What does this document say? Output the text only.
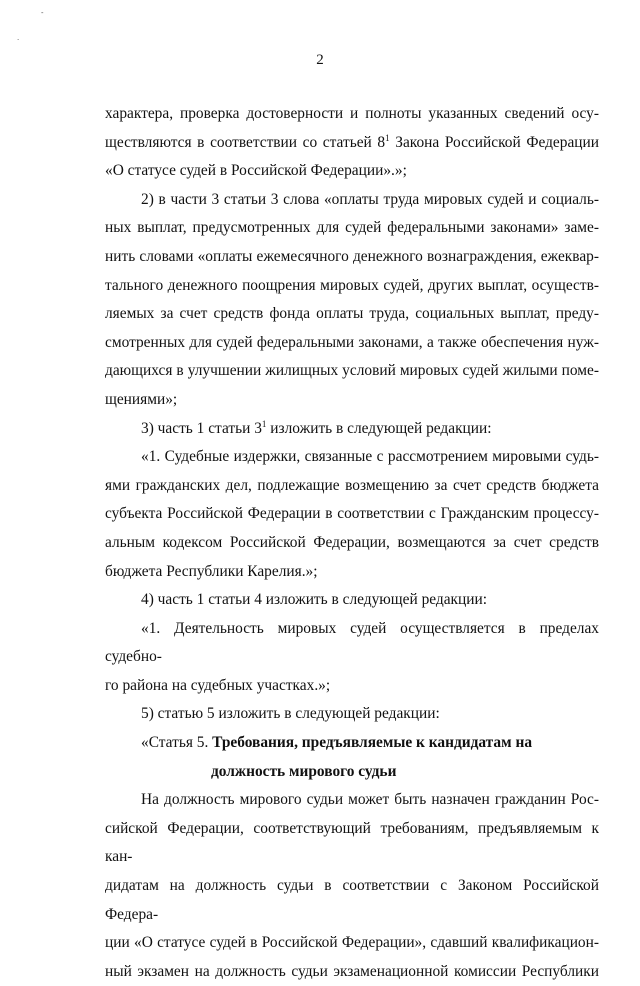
-
.
2

характера, проверка достоверности и полноты указанных сведений осу-

ществляются в соответствии со статьей $8^1$ Закона Российской Федерации

«О статусе судей в Российской Федерации».»;

2) в части 3 статьи 3 слова «оплаты труда мировых судей и социаль-

ных выплат, предусмотренных для судей федеральными законами» заме-

нить словами «оплаты ежемесячного денежного вознаграждения, ежеквар-

тального денежного поощрения мировых судей, других выплат, осуществ-

ляемых за счет средств фонда оплаты труда, социальных выплат, преду-

смотренных для судей федеральными законами, а также обеспечения нуж-

дающихся в улучшении жилищных условий мировых судей жилыми поме-

щениями»;

3) часть 1 статьи $3^1$ изложить в следующей редакции:

«1. Судебные издержки, связанные с рассмотрением мировыми судь-

ями гражданских дел, подлежащие возмещению за счет средств бюджета

субъекта Российской Федерации в соответствии с Гражданским процессу-

альным кодексом Российской Федерации, возмещаются за счет средств

бюджета Республики Карелия.»;

4) часть 1 статьи 4 изложить в следующей редакции:

«1. Деятельность мировых судей осуществляется в пределах судебно-

го района на судебных участках.»;

5) статью 5 изложить в следующей редакции:

«Статья 5. Требования, предъявляемые к кандидатам на

должность мирового судьи

На должность мирового судьи может быть назначен гражданин Рос-

сийской Федерации, соответствующий требованиям, предъявляемым к кан-

дидатам на должность судьи в соответствии с Законом Российской Федера-

ции «О статусе судей в Российской Федерации», сдавший квалификацион-

ный экзамен на должность судьи экзаменационной комиссии Республики
